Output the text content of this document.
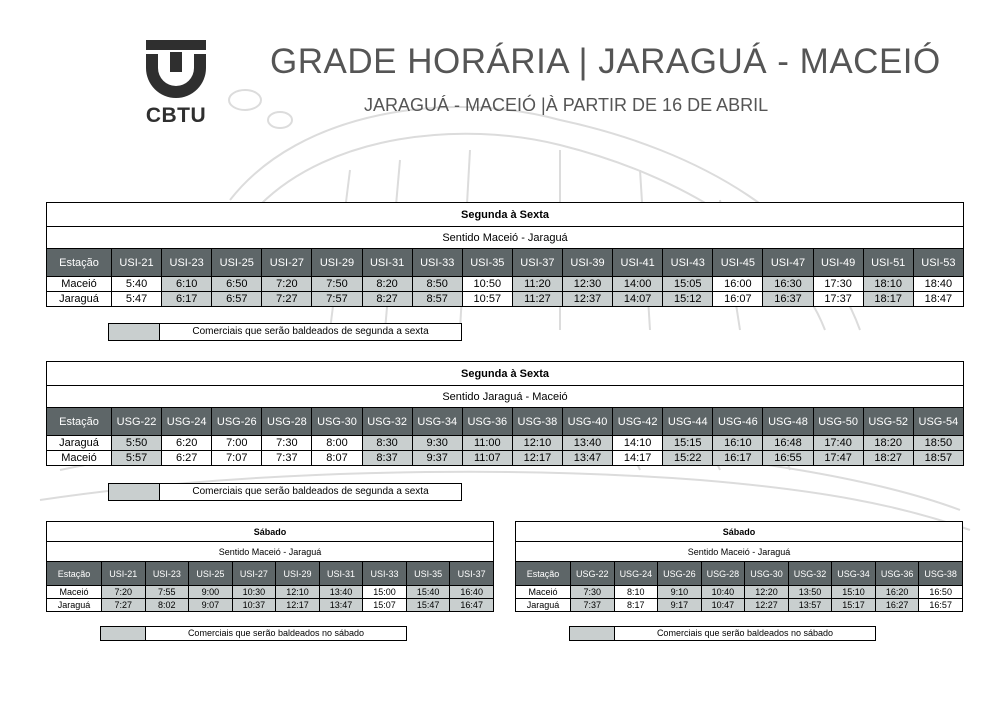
CBTU
GRADE HORÁRIA | JARAGUÁ - MACEIÓ
JARAGUÁ - MACEIÓ |À PARTIR DE 16 DE ABRIL
Segunda à Sexta																	
Sentido Maceió - Jaraguá																	
Estação	USI-21	USI-23	USI-25	USI-27	USI-29	USI-31	USI-33	USI-35	USI-37	USI-39	USI-41	USI-43	USI-45	USI-47	USI-49	USI-51	USI-53
Maceió	5:40	6:10	6:50	7:20	7:50	8:20	8:50	10:50	11:20	12:30	14:00	15:05	16:00	16:30	17:30	18:10	18:40
Jaraguá	5:47	6:17	6:57	7:27	7:57	8:27	8:57	10:57	11:27	12:37	14:07	15:12	16:07	16:37	17:37	18:17	18:47
Comerciais que serão baldeados de segunda a sexta
Segunda à Sexta																	
Sentido Jaraguá - Maceió																	
Estação	USG-22	USG-24	USG-26	USG-28	USG-30	USG-32	USG-34	USG-36	USG-38	USG-40	USG-42	USG-44	USG-46	USG-48	USG-50	USG-52	USG-54
Jaraguá	5:50	6:20	7:00	7:30	8:00	8:30	9:30	11:00	12:10	13:40	14:10	15:15	16:10	16:48	17:40	18:20	18:50
Maceió	5:57	6:27	7:07	7:37	8:07	8:37	9:37	11:07	12:17	13:47	14:17	15:22	16:17	16:55	17:47	18:27	18:57
Comerciais que serão baldeados de segunda a sexta
Sábado									
Sentido Maceió - Jaraguá									
Estação	USI-21	USI-23	USI-25	USI-27	USI-29	USI-31	USI-33	USI-35	USI-37
Maceió	7:20	7:55	9:00	10:30	12:10	13:40	15:00	15:40	16:40
Jaraguá	7:27	8:02	9:07	10:37	12:17	13:47	15:07	15:47	16:47
Comerciais que serão baldeados no sábado
Sábado									
Sentido Maceió - Jaraguá									
Estação	USG-22	USG-24	USG-26	USG-28	USG-30	USG-32	USG-34	USG-36	USG-38
Maceió	7:30	8:10	9:10	10:40	12:20	13:50	15:10	16:20	16:50
Jaraguá	7:37	8:17	9:17	10:47	12:27	13:57	15:17	16:27	16:57
Comerciais que serão baldeados no sábado
